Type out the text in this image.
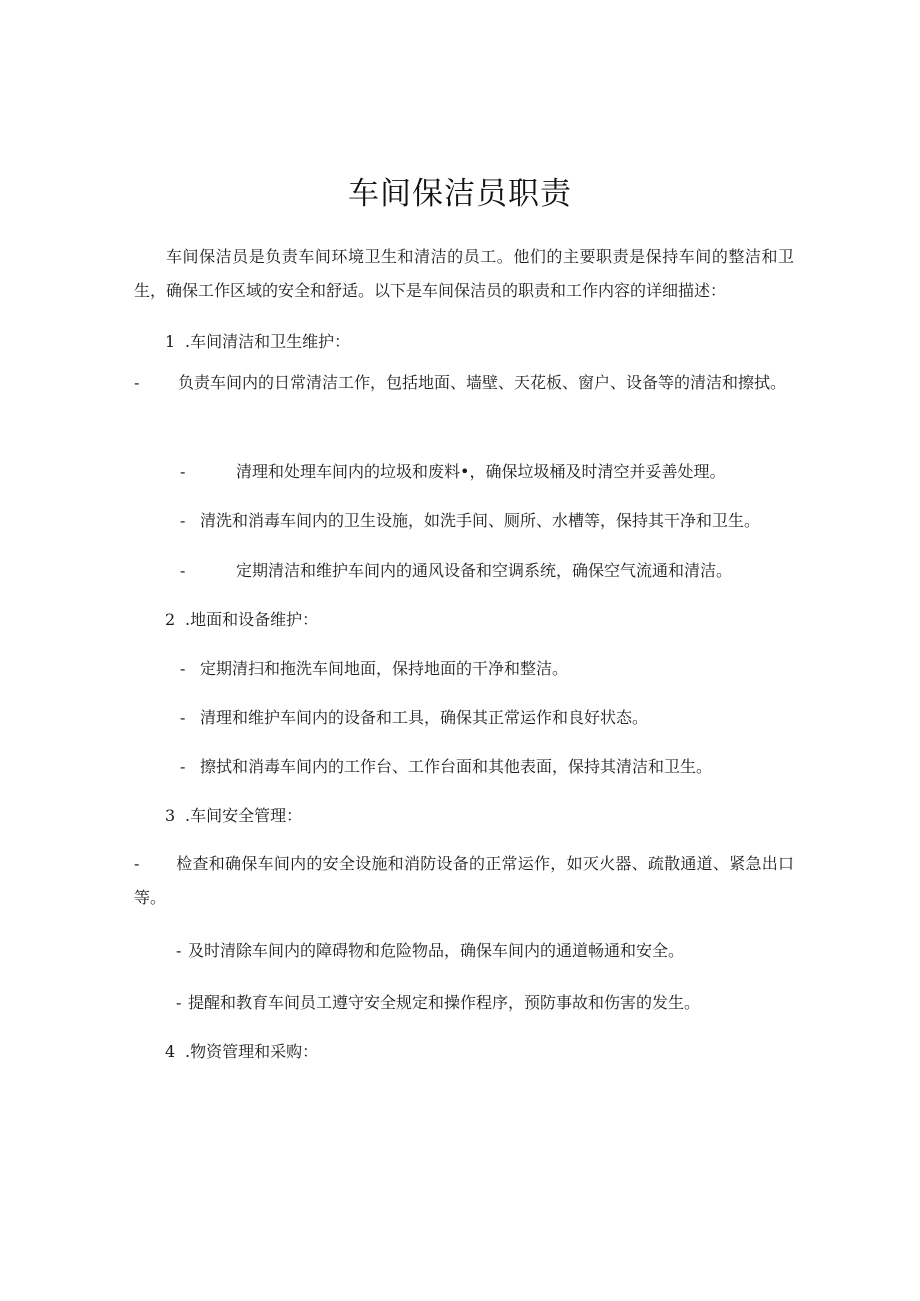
车间保洁员职责
车间保洁员是负责车间环境卫生和清洁的员工。他们的主要职责是保持车间的整洁和卫生，确保工作区域的安全和舒适。以下是车间保洁员的职责和工作内容的详细描述：
1 .车间清洁和卫生维护：
- 负责车间内的日常清洁工作，包括地面、墙壁、天花板、窗户、设备等的清洁和擦拭。
-	清理和处理车间内的垃圾和废料•，确保垃圾桶及时清空并妥善处理。
- 清洗和消毒车间内的卫生设施，如洗手间、厕所、水槽等，保持其干净和卫生。
-	定期清洁和维护车间内的通风设备和空调系统，确保空气流通和清洁。
2 .地面和设备维护：
- 定期清扫和拖洗车间地面，保持地面的干净和整洁。
- 清理和维护车间内的设备和工具，确保其正常运作和良好状态。
- 擦拭和消毒车间内的工作台、工作台面和其他表面，保持其清洁和卫生。
3 .车间安全管理：
- 检查和确保车间内的安全设施和消防设备的正常运作，如灭火器、疏散通道、紧急出口等。
- 及时清除车间内的障碍物和危险物品，确保车间内的通道畅通和安全。
- 提醒和教育车间员工遵守安全规定和操作程序，预防事故和伤害的发生。
4 .物资管理和采购：
